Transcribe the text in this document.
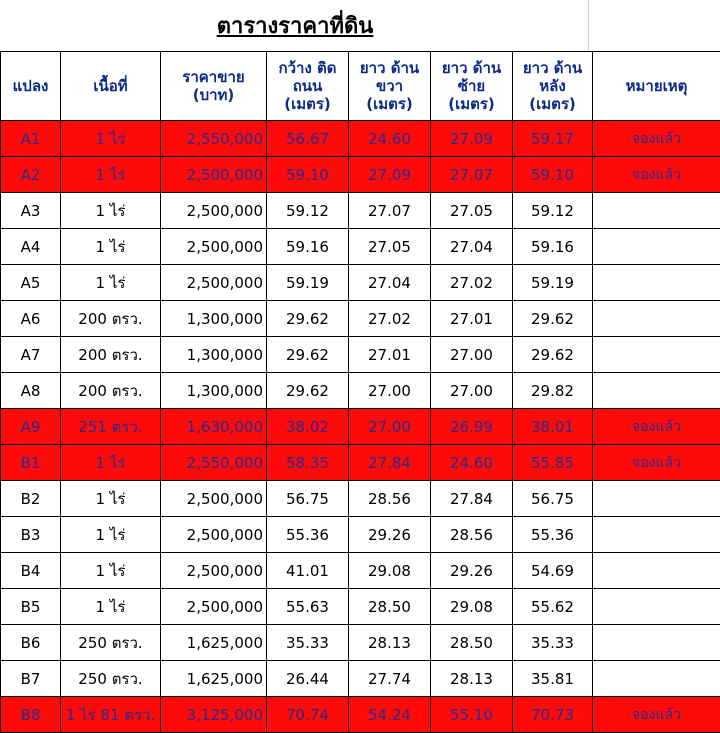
ตารางราคาที่ดิน
แปลง	เนื้อที่	ราคาขาย (บาท)	กว้าง ติดถนน (เมตร)	ยาว ด้านขวา (เมตร)	ยาว ด้านซ้าย (เมตร)	ยาว ด้านหลัง (เมตร)	หมายเหตุ
A1	1 ไร่	2,550,000	56.67	24.60	27.09	59.17	จองแล้ว
A2	1 ไร่	2,500,000	59.10	27.09	27.07	59.10	จองแล้ว
A3	1 ไร่	2,500,000	59.12	27.07	27.05	59.12	
A4	1 ไร่	2,500,000	59.16	27.05	27.04	59.16	
A5	1 ไร่	2,500,000	59.19	27.04	27.02	59.19	
A6	200 ตรว.	1,300,000	29.62	27.02	27.01	29.62	
A7	200 ตรว.	1,300,000	29.62	27.01	27.00	29.62	
A8	200 ตรว.	1,300,000	29.62	27.00	27.00	29.82	
A9	251 ตรว.	1,630,000	38.02	27.00	26.99	38.01	จองแล้ว
B1	1 ไร่	2,550,000	58.35	27.84	24.60	55.85	จองแล้ว
B2	1 ไร่	2,500,000	56.75	28.56	27.84	56.75	
B3	1 ไร่	2,500,000	55.36	29.26	28.56	55.36	
B4	1 ไร่	2,500,000	41.01	29.08	29.26	54.69	
B5	1 ไร่	2,500,000	55.63	28.50	29.08	55.62	
B6	250 ตรว.	1,625,000	35.33	28.13	28.50	35.33	
B7	250 ตรว.	1,625,000	26.44	27.74	28.13	35.81	
B8	1 ไร่ 81 ตรว.	3,125,000	70.74	54.24	55.10	70.73	จองแล้ว
